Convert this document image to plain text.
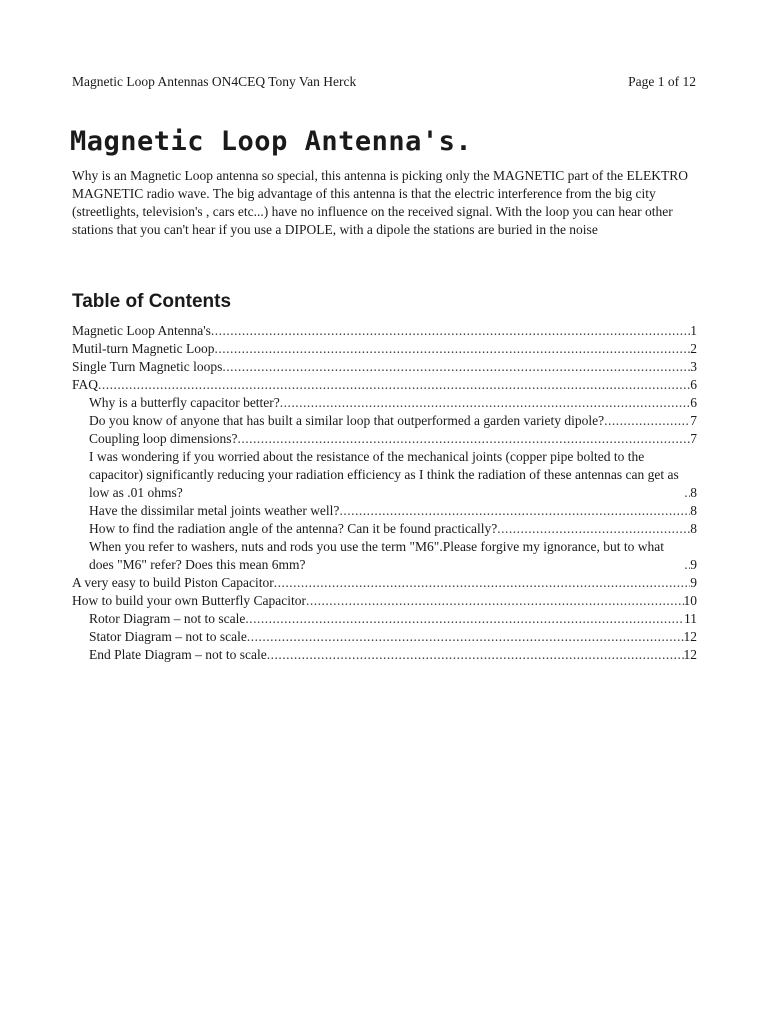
Magnetic Loop Antennas ON4CEQ Tony Van Herck	Page 1 of 12
Magnetic Loop Antenna's.

Why is an Magnetic Loop antenna so special, this antenna is picking only the MAGNETIC part of the ELEKTRO MAGNETIC radio wave. The big advantage of this antenna is that the electric interference from the big city (streetlights, television's , cars etc...) have no influence on the received signal. With the loop you can hear other stations that you can't hear if you use a DIPOLE, with a dipole the stations are buried in the noise

Table of Contents
Magnetic Loop Antenna's .....	1
Mutil-turn Magnetic Loop .....	2
Single Turn Magnetic loops .....	3
FAQ .....	6
Why is a butterfly capacitor better? .....	6
Do you know of anyone that has built a similar loop that outperformed a garden variety dipole? .....	7
Coupling loop dimensions? .....	7
I was wondering if you worried about the resistance of the mechanical joints (copper pipe bolted to the capacitor) significantly reducing your radiation efficiency as I think the radiation of these antennas can get as low as .01 ohms? .....	8
Have the dissimilar metal joints weather well? .....	8
How to find the radiation angle of the antenna? Can it be found practically? .....	8
When you refer to washers, nuts and rods you use the term "M6".Please forgive my ignorance, but to what does "M6" refer? Does this mean 6mm? .....	9
A very easy to build Piston Capacitor .....	9
How to build your own Butterfly Capacitor .....	10
Rotor Diagram – not to scale .....	11
Stator Diagram – not to scale .....	12
End Plate Diagram – not to scale .....	12
